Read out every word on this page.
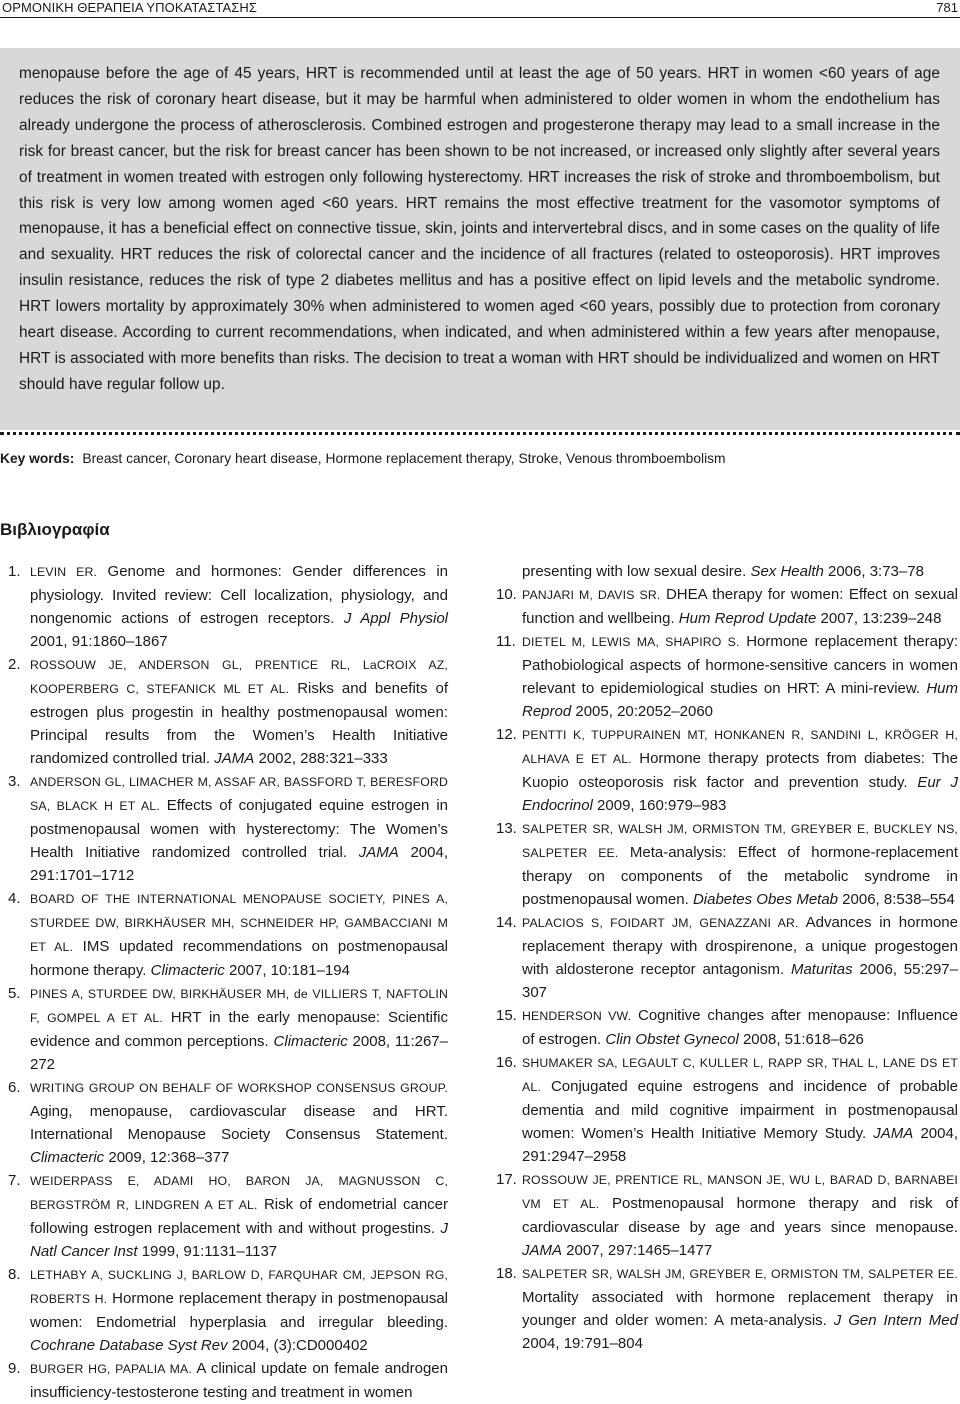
ΟΡΜΟΝΙΚΗ ΘΕΡΑΠΕΙΑ ΥΠΟΚΑΤΑΣΤΑΣΗΣ	781

menopause before the age of 45 years, HRT is recommended until at least the age of 50 years. HRT in women <60 years of age reduces the risk of coronary heart disease, but it may be harmful when administered to older women in whom the endothelium has already undergone the process of atherosclerosis. Combined estrogen and progesterone therapy may lead to a small increase in the risk for breast cancer, but the risk for breast cancer has been shown to be not increased, or increased only slightly after several years of treatment in women treated with estrogen only following hysterectomy. HRT increases the risk of stroke and thromboembolism, but this risk is very low among women aged <60 years. HRT remains the most effective treatment for the vasomotor symptoms of menopause, it has a beneficial effect on connective tissue, skin, joints and intervertebral discs, and in some cases on the quality of life and sexuality. HRT reduces the risk of colorectal cancer and the incidence of all fractures (related to osteoporosis). HRT improves insulin resistance, reduces the risk of type 2 diabetes mellitus and has a positive effect on lipid levels and the metabolic syndrome. HRT lowers mortality by approximately 30% when administered to women aged <60 years, possibly due to protection from coronary heart disease. According to current recommendations, when indicated, and when administered within a few years after menopause, HRT is associated with more benefits than risks. The decision to treat a woman with HRT should be individualized and women on HRT should have regular follow up.

Key words: Breast cancer, Coronary heart disease, Hormone replacement therapy, Stroke, Venous thromboembolism
Βιβλιογραφία
1. LEVIN ER. Genome and hormones: Gender differences in physiology. Invited review: Cell localization, physiology, and nongenomic actions of estrogen receptors. J Appl Physiol 2001, 91:1860–1867
2. ROSSOUW JE, ANDERSON GL, PRENTICE RL, LaCROIX AZ, KOOPERBERG C, STEFANICK ML ET AL. Risks and benefits of estrogen plus progestin in healthy postmenopausal women: Principal results from the Women’s Health Initiative randomized controlled trial. JAMA 2002, 288:321–333
3. ANDERSON GL, LIMACHER M, ASSAF AR, BASSFORD T, BERESFORD SA, BLACK H ET AL. Effects of conjugated equine estrogen in postmenopausal women with hysterectomy: The Women’s Health Initiative randomized controlled trial. JAMA 2004, 291:1701–1712
4. BOARD OF THE INTERNATIONAL MENOPAUSE SOCIETY, PINES A, STURDEE DW, BIRKHÄUSER MH, SCHNEIDER HP, GAMBACCIANI M ET AL. IMS updated recommendations on postmenopausal hormone therapy. Climacteric 2007, 10:181–194
5. PINES A, STURDEE DW, BIRKHÄUSER MH, de VILLIERS T, NAFTOLIN F, GOMPEL A ET AL. HRT in the early menopause: Scientific evidence and common perceptions. Climacteric 2008, 11:267–272
6. WRITING GROUP ON BEHALF OF WORKSHOP CONSENSUS GROUP. Aging, menopause, cardiovascular disease and HRT. International Menopause Society Consensus Statement. Climacteric 2009, 12:368–377
7. WEIDERPASS E, ADAMI HO, BARON JA, MAGNUSSON C, BERGSTRÖM R, LINDGREN A ET AL. Risk of endometrial cancer following estrogen replacement with and without progestins. J Natl Cancer Inst 1999, 91:1131–1137
8. LETHABY A, SUCKLING J, BARLOW D, FARQUHAR CM, JEPSON RG, ROBERTS H. Hormone replacement therapy in postmenopausal women: Endometrial hyperplasia and irregular bleeding. Cochrane Database Syst Rev 2004, (3):CD000402
9. BURGER HG, PAPALIA MA. A clinical update on female androgen insufficiency-testosterone testing and treatment in women
presenting with low sexual desire. Sex Health 2006, 3:73–78
10. PANJARI M, DAVIS SR. DHEA therapy for women: Effect on sexual function and wellbeing. Hum Reprod Update 2007, 13:239–248
11. DIETEL M, LEWIS MA, SHAPIRO S. Hormone replacement therapy: Pathobiological aspects of hormone-sensitive cancers in women relevant to epidemiological studies on HRT: A mini-review. Hum Reprod 2005, 20:2052–2060
12. PENTTI K, TUPPURAINEN MT, HONKANEN R, SANDINI L, KRÖGER H, ALHAVA E ET AL. Hormone therapy protects from diabetes: The Kuopio osteoporosis risk factor and prevention study. Eur J Endocrinol 2009, 160:979–983
13. SALPETER SR, WALSH JM, ORMISTON TM, GREYBER E, BUCKLEY NS, SALPETER EE. Meta-analysis: Effect of hormone-replacement therapy on components of the metabolic syndrome in postmenopausal women. Diabetes Obes Metab 2006, 8:538–554
14. PALACIOS S, FOIDART JM, GENAZZANI AR. Advances in hormone replacement therapy with drospirenone, a unique progestogen with aldosterone receptor antagonism. Maturitas 2006, 55:297–307
15. HENDERSON VW. Cognitive changes after menopause: Influence of estrogen. Clin Obstet Gynecol 2008, 51:618–626
16. SHUMAKER SA, LEGAULT C, KULLER L, RAPP SR, THAL L, LANE DS ET AL. Conjugated equine estrogens and incidence of probable dementia and mild cognitive impairment in postmenopausal women: Women’s Health Initiative Memory Study. JAMA 2004, 291:2947–2958
17. ROSSOUW JE, PRENTICE RL, MANSON JE, WU L, BARAD D, BARNABEI VM ET AL. Postmenopausal hormone therapy and risk of cardiovascular disease by age and years since menopause. JAMA 2007, 297:1465–1477
18. SALPETER SR, WALSH JM, GREYBER E, ORMISTON TM, SALPETER EE. Mortality associated with hormone replacement therapy in younger and older women: A meta-analysis. J Gen Intern Med 2004, 19:791–804
